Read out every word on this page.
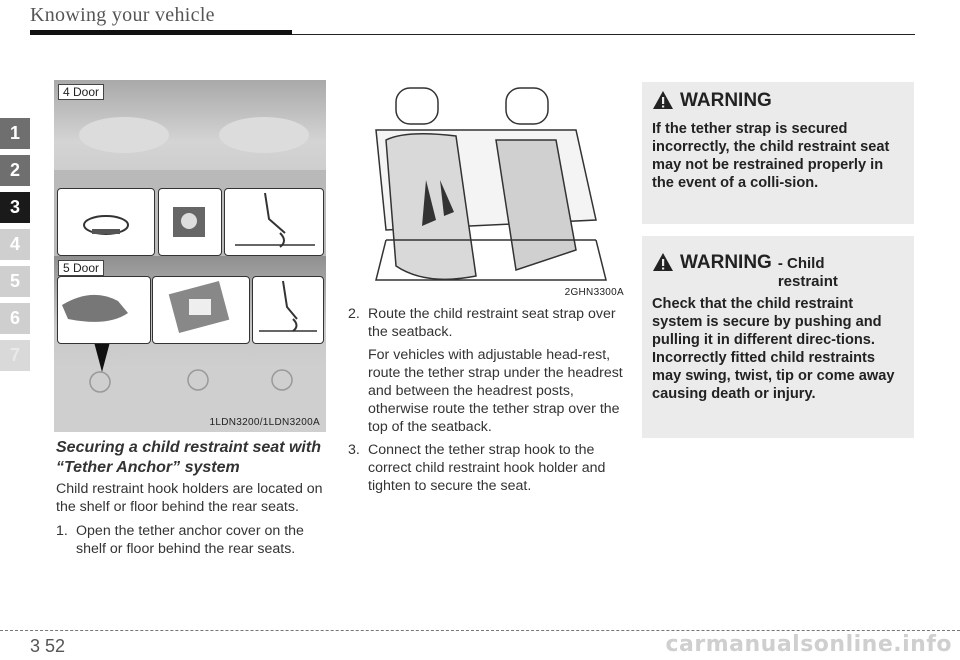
Knowing your vehicle
1
2
3
4
5
6
7
4 Door
5 Door
1LDN3200/1LDN3200A
2GHN3300A
Securing a child restraint seat with “Tether Anchor” system
Child restraint hook holders are located on the shelf or floor behind the rear seats.
1. Open the tether anchor cover on the shelf or floor behind the rear seats.
2. Route the child restraint seat strap over the seatback.
For vehicles with adjustable head-rest, route the tether strap under the headrest and between the headrest posts, otherwise route the tether strap over the top of the seatback.
3. Connect the tether strap hook to the correct child restraint hook holder and tighten to secure the seat.
WARNING
If the tether strap is secured incorrectly, the child restraint seat may not be restrained properly in the event of a colli-sion.
WARNING - Child restraint
Check that the child restraint system is secure by pushing and pulling it in different direc-tions. Incorrectly fitted child restraints may swing, twist, tip or come away causing death or injury.
3 52	carmanualsonline.info
